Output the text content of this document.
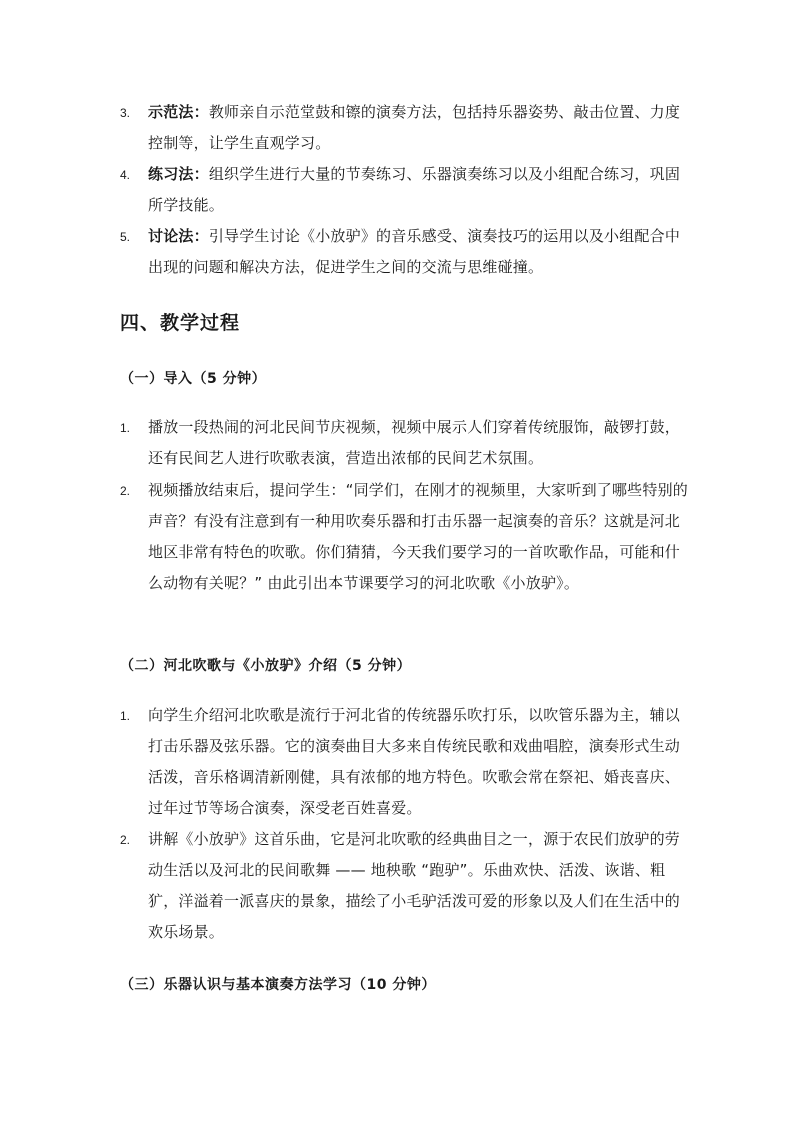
3. 示范法：教师亲自示范堂鼓和镲的演奏方法，包括持乐器姿势、敲击位置、力度控制等，让学生直观学习。
4. 练习法：组织学生进行大量的节奏练习、乐器演奏练习以及小组配合练习，巩固所学技能。
5. 讨论法：引导学生讨论《小放驴》的音乐感受、演奏技巧的运用以及小组配合中出现的问题和解决方法，促进学生之间的交流与思维碰撞。
四、教学过程
（一）导入（5 分钟）
1. 播放一段热闹的河北民间节庆视频，视频中展示人们穿着传统服饰，敲锣打鼓，还有民间艺人进行吹歌表演，营造出浓郁的民间艺术氛围。
2. 视频播放结束后，提问学生：“同学们，在刚才的视频里，大家听到了哪些特别的声音？有没有注意到有一种用吹奏乐器和打击乐器一起演奏的音乐？这就是河北地区非常有特色的吹歌。你们猜猜，今天我们要学习的一首吹歌作品，可能和什么动物有关呢？” 由此引出本节课要学习的河北吹歌《小放驴》。
（二）河北吹歌与《小放驴》介绍（5 分钟）
1. 向学生介绍河北吹歌是流行于河北省的传统器乐吹打乐，以吹管乐器为主，辅以打击乐器及弦乐器。它的演奏曲目大多来自传统民歌和戏曲唱腔，演奏形式生动活泼，音乐格调清新刚健，具有浓郁的地方特色。吹歌会常在祭祀、婚丧喜庆、过年过节等场合演奏，深受老百姓喜爱。
2. 讲解《小放驴》这首乐曲，它是河北吹歌的经典曲目之一，源于农民们放驴的劳动生活以及河北的民间歌舞 —— 地秧歌 “跑驴”。乐曲欢快、活泼、诙谐、粗犷，洋溢着一派喜庆的景象，描绘了小毛驴活泼可爱的形象以及人们在生活中的欢乐场景。
（三）乐器认识与基本演奏方法学习（10 分钟）
